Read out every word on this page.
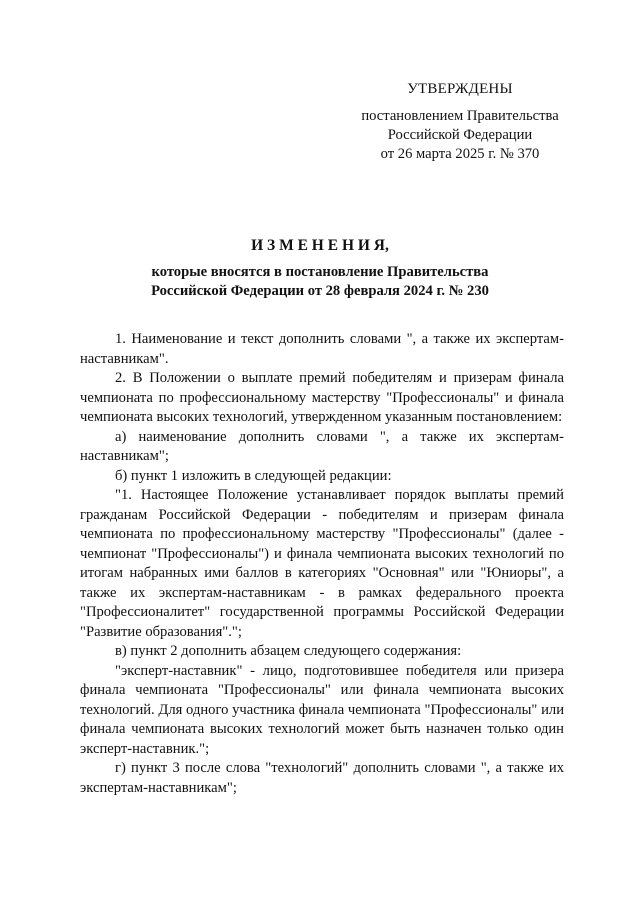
УТВЕРЖДЕНЫ
постановлением Правительства
Российской Федерации
от 26 марта 2025 г. № 370
И З М Е Н Е Н И Я,
которые вносятся в постановление Правительства
Российской Федерации от 28 февраля 2024 г. № 230

1. Наименование и текст дополнить словами ", а также их экспертам-наставникам".

2. В Положении о выплате премий победителям и призерам финала чемпионата по профессиональному мастерству "Профессионалы" и финала чемпионата высоких технологий, утвержденном указанным постановлением:

а) наименование дополнить словами ", а также их экспертам-наставникам";

б) пункт 1 изложить в следующей редакции:

"1. Настоящее Положение устанавливает порядок выплаты премий гражданам Российской Федерации - победителям и призерам финала чемпионата по профессиональному мастерству "Профессионалы" (далее - чемпионат "Профессионалы") и финала чемпионата высоких технологий по итогам набранных ими баллов в категориях "Основная" или "Юниоры", а также их экспертам-наставникам - в рамках федерального проекта "Профессионалитет" государственной программы Российской Федерации "Развитие образования".";

в) пункт 2 дополнить абзацем следующего содержания:

"эксперт-наставник" - лицо, подготовившее победителя или призера финала чемпионата "Профессионалы" или финала чемпионата высоких технологий. Для одного участника финала чемпионата "Профессионалы" или финала чемпионата высоких технологий может быть назначен только один эксперт-наставник.";

г) пункт 3 после слова "технологий" дополнить словами ", а также их экспертам-наставникам";
